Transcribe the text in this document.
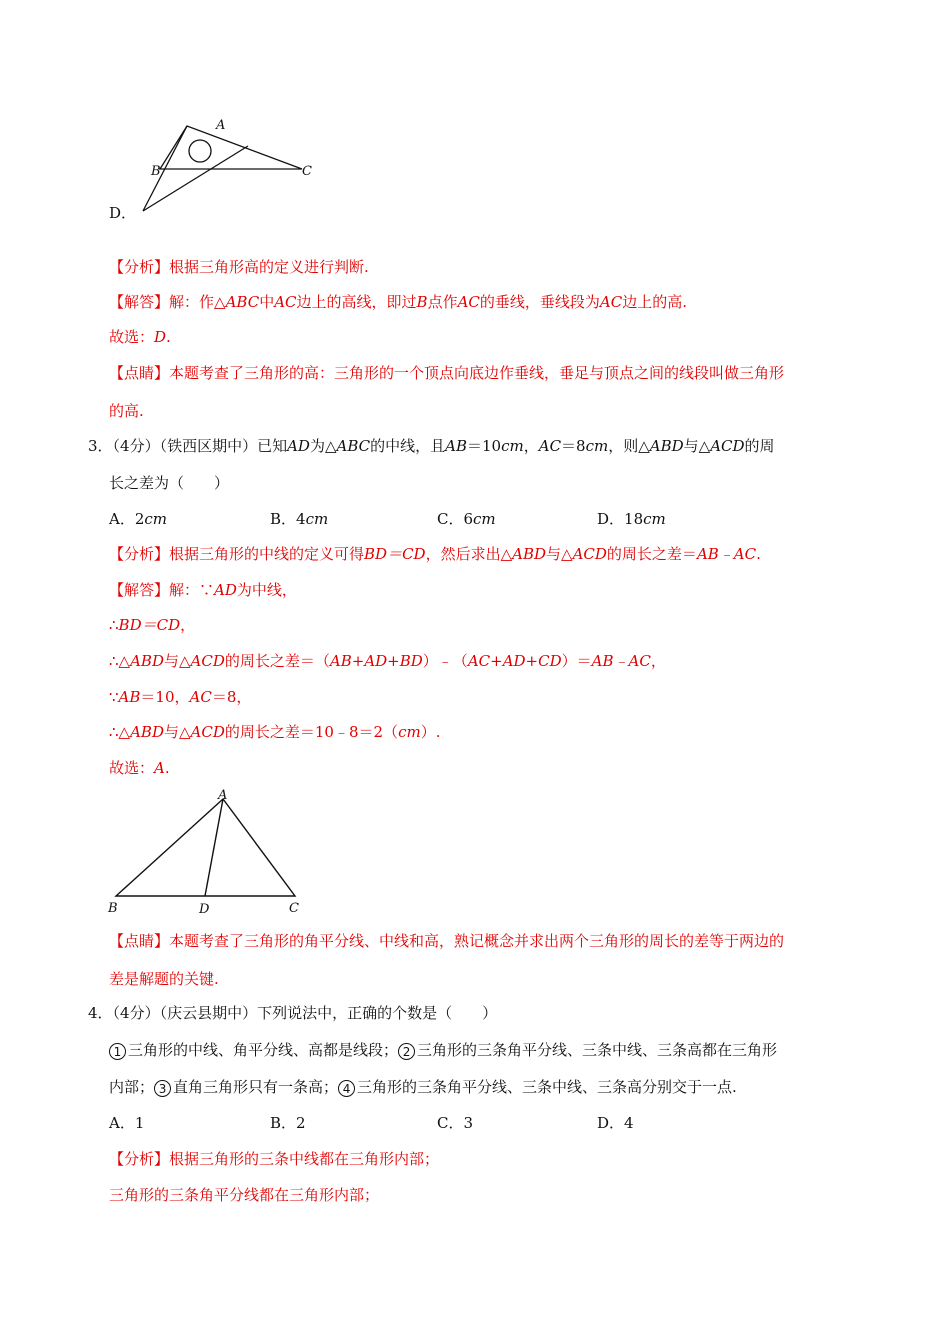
A
B	C
D．
【分析】根据三角形高的定义进行判断.
【解答】解：作△ABC中AC边上的高线，即过B点作AC的垂线，垂线段为AC边上的高.
故选：D.
【点睛】本题考查了三角形的高：三角形的一个顶点向底边作垂线，垂足与顶点之间的线段叫做三角形
的高.
3．（4分）（铁西区期中）已知AD为△ABC的中线，且AB＝10cm，AC＝8cm，则△ABD与△ACD的周
长之差为（　　）
A．2cm	B．4cm	C．6cm	D．18cm
【分析】根据三角形的中线的定义可得BD＝CD，然后求出△ABD与△ACD的周长之差＝AB﹣AC.
【解答】解：∵AD为中线，
∴BD＝CD，
∴△ABD与△ACD的周长之差＝（AB+AD+BD）﹣（AC+AD+CD）＝AB﹣AC，
∵AB＝10，AC＝8，
∴△ABD与△ACD的周长之差＝10﹣8＝2（cm）.
故选：A.
A
B	D	C
【点睛】本题考查了三角形的角平分线、中线和高，熟记概念并求出两个三角形的周长的差等于两边的
差是解题的关键.
4．（4分）（庆云县期中）下列说法中，正确的个数是（　　）
1 三角形的中线、角平分线、高都是线段； 2 三角形的三条角平分线、三条中线、三条高都在三角形
内部； 3 直角三角形只有一条高； 4 三角形的三条角平分线、三条中线、三条高分别交于一点.
A．1	B．2	C．3	D．4
【分析】根据三角形的三条中线都在三角形内部；
三角形的三条角平分线都在三角形内部；
